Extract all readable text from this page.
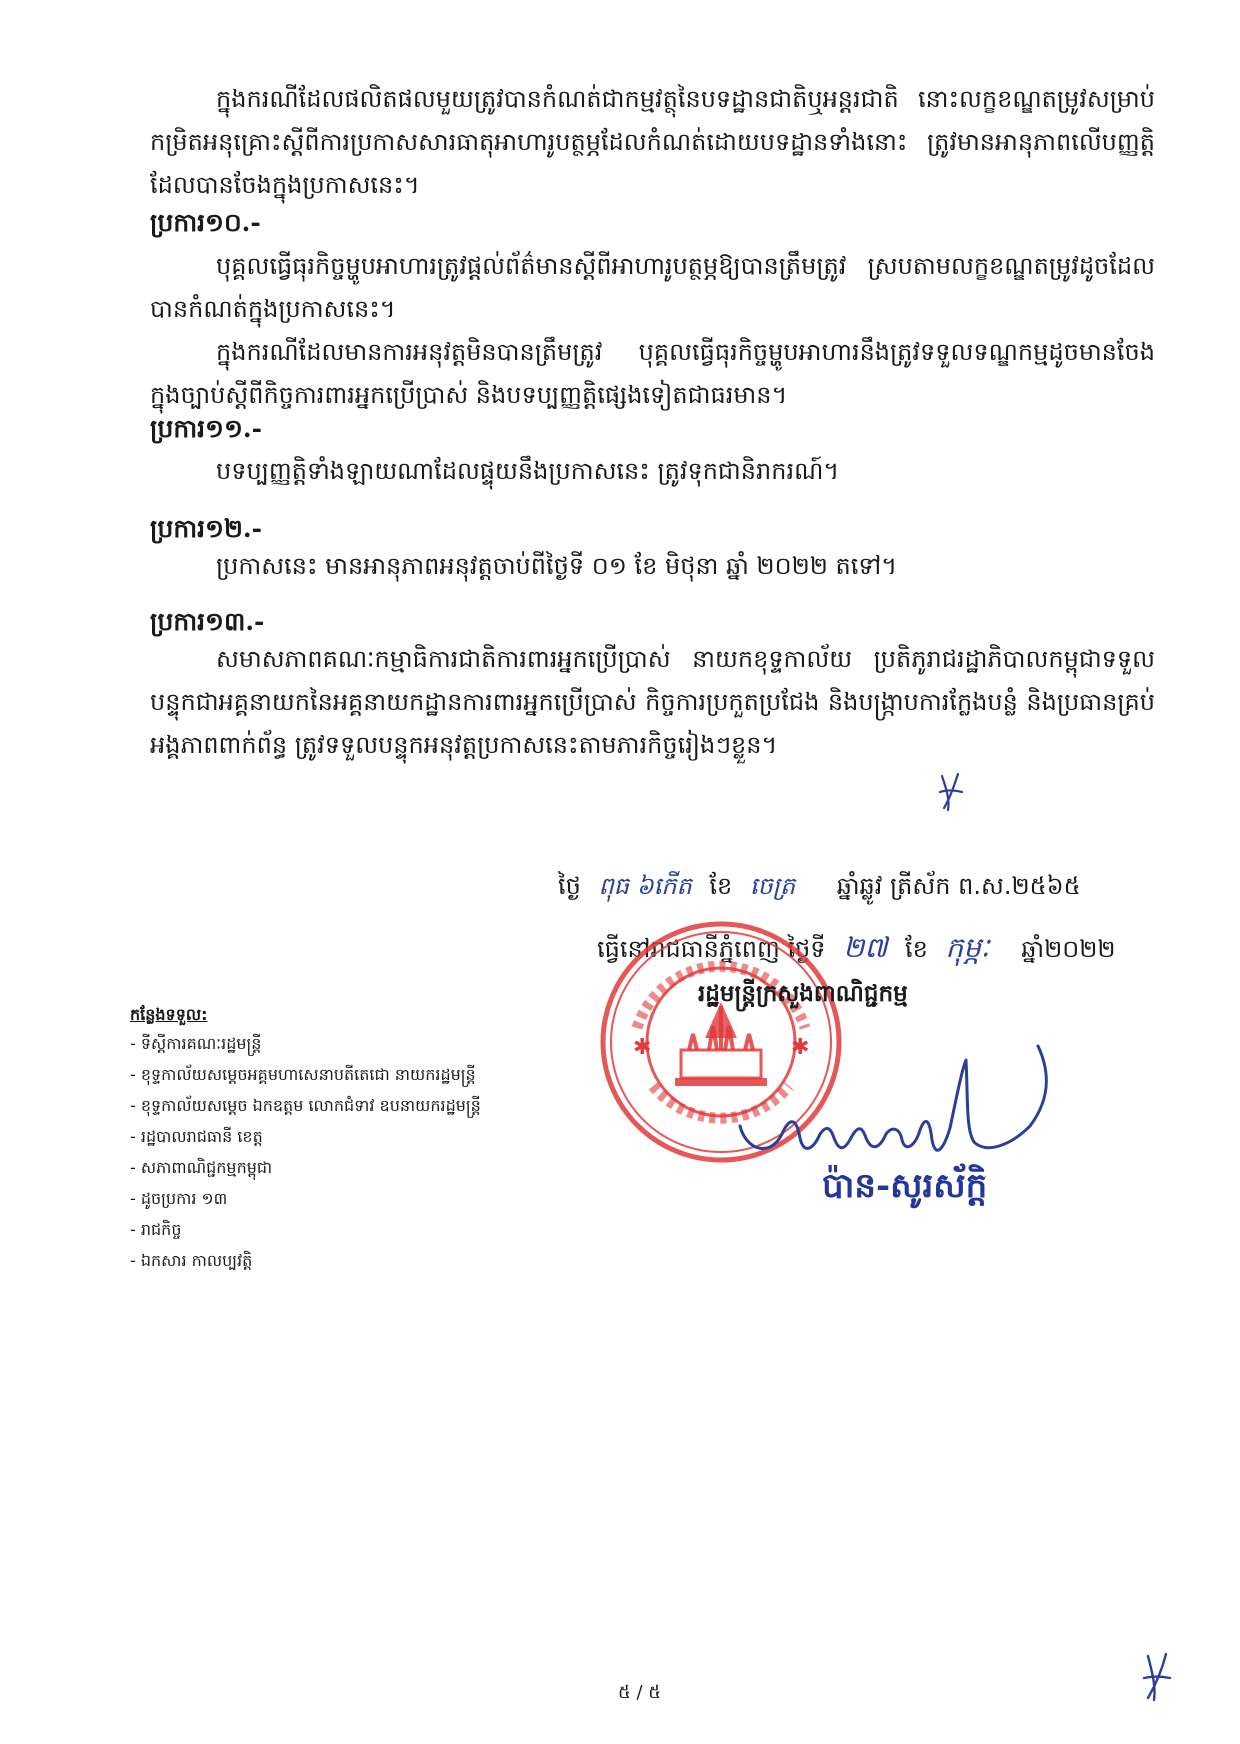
ក្នុងករណីដែលផលិតផលមួយត្រូវបានកំណត់ជាកម្មវត្ថុនៃបទដ្ឋានជាតិឬអន្តរជាតិ នោះលក្ខខណ្ឌតម្រូវសម្រាប់កម្រិតអនុគ្រោះស្តីពីការប្រកាសសារធាតុអាហារូបត្ថម្ភដែលកំណត់ដោយបទដ្ឋានទាំងនោះ ត្រូវមានអានុភាពលើបញ្ញត្តិដែលបានចែងក្នុងប្រកាសនេះ។

ប្រការ១០.-

បុគ្គលធ្វើធុរកិច្ចម្ហូបអាហារត្រូវផ្តល់ព័ត៌មានស្តីពីអាហារូបត្ថម្ភឱ្យបានត្រឹមត្រូវ ស្របតាមលក្ខខណ្ឌតម្រូវដូចដែលបានកំណត់ក្នុងប្រកាសនេះ។

ក្នុងករណីដែលមានការអនុវត្តមិនបានត្រឹមត្រូវ បុគ្គលធ្វើធុរកិច្ចម្ហូបអាហារនឹងត្រូវទទួលទណ្ឌកម្មដូចមានចែងក្នុងច្បាប់ស្តីពីកិច្ចការពារអ្នកប្រើប្រាស់ និងបទប្បញ្ញត្តិផ្សេងទៀតជាធរមាន។

ប្រការ១១.-

បទប្បញ្ញត្តិទាំងឡាយណាដែលផ្ទុយនឹងប្រកាសនេះ ត្រូវទុកជានិរាករណ៍។

ប្រការ១២.-

ប្រកាសនេះ មានអានុភាពអនុវត្តចាប់ពីថ្ងៃទី ០១ ខែ មិថុនា ឆ្នាំ ២០២២ តទៅ។

ប្រការ១៣.-

សមាសភាពគណៈកម្មាធិការជាតិការពារអ្នកប្រើប្រាស់ នាយកខុទ្ទកាល័យ ប្រតិភូរាជរដ្ឋាភិបាលកម្ពុជាទទួលបន្ទុកជាអគ្គនាយកនៃអគ្គនាយកដ្ឋានការពារអ្នកប្រើប្រាស់ កិច្ចការប្រកួតប្រជែង និងបង្ក្រាបការក្លែងបន្លំ និងប្រធានគ្រប់អង្គភាពពាក់ព័ន្ធ ត្រូវទទួលបន្ទុកអនុវត្តប្រកាសនេះតាមភារកិច្ចរៀងៗខ្លួន។

ថ្ងៃ ពុធ ៦កើត ខែ ចេត្រ ឆ្នាំឆ្លូវ ត្រីស័ក ព.ស.២៥៦៥
ធ្វើនៅរាជធានីភ្នំពេញ ថ្ងៃទី ២៧ ខែ កុម្ភៈ ឆ្នាំ២០២២
✱	✱
រដ្ឋមន្ត្រីក្រសួងពាណិជ្ជកម្ម
ប៉ាន-សូរស័ក្តិ
កន្លែងទទួល:
- ទីស្តីការគណៈរដ្ឋមន្ត្រី
- ខុទ្ទកាល័យសម្តេចអគ្គមហាសេនាបតីតេជោ នាយករដ្ឋមន្ត្រី
- ខុទ្ទកាល័យសម្តេច ឯកឧត្តម លោកជំទាវ ឧបនាយករដ្ឋមន្ត្រី
- រដ្ឋបាលរាជធានី ខេត្ត
- សភាពាណិជ្ជកម្មកម្ពុជា
- ដូចប្រការ ១៣
- រាជកិច្ច
- ឯកសារ កាលប្បវត្តិ
៥ / ៥
